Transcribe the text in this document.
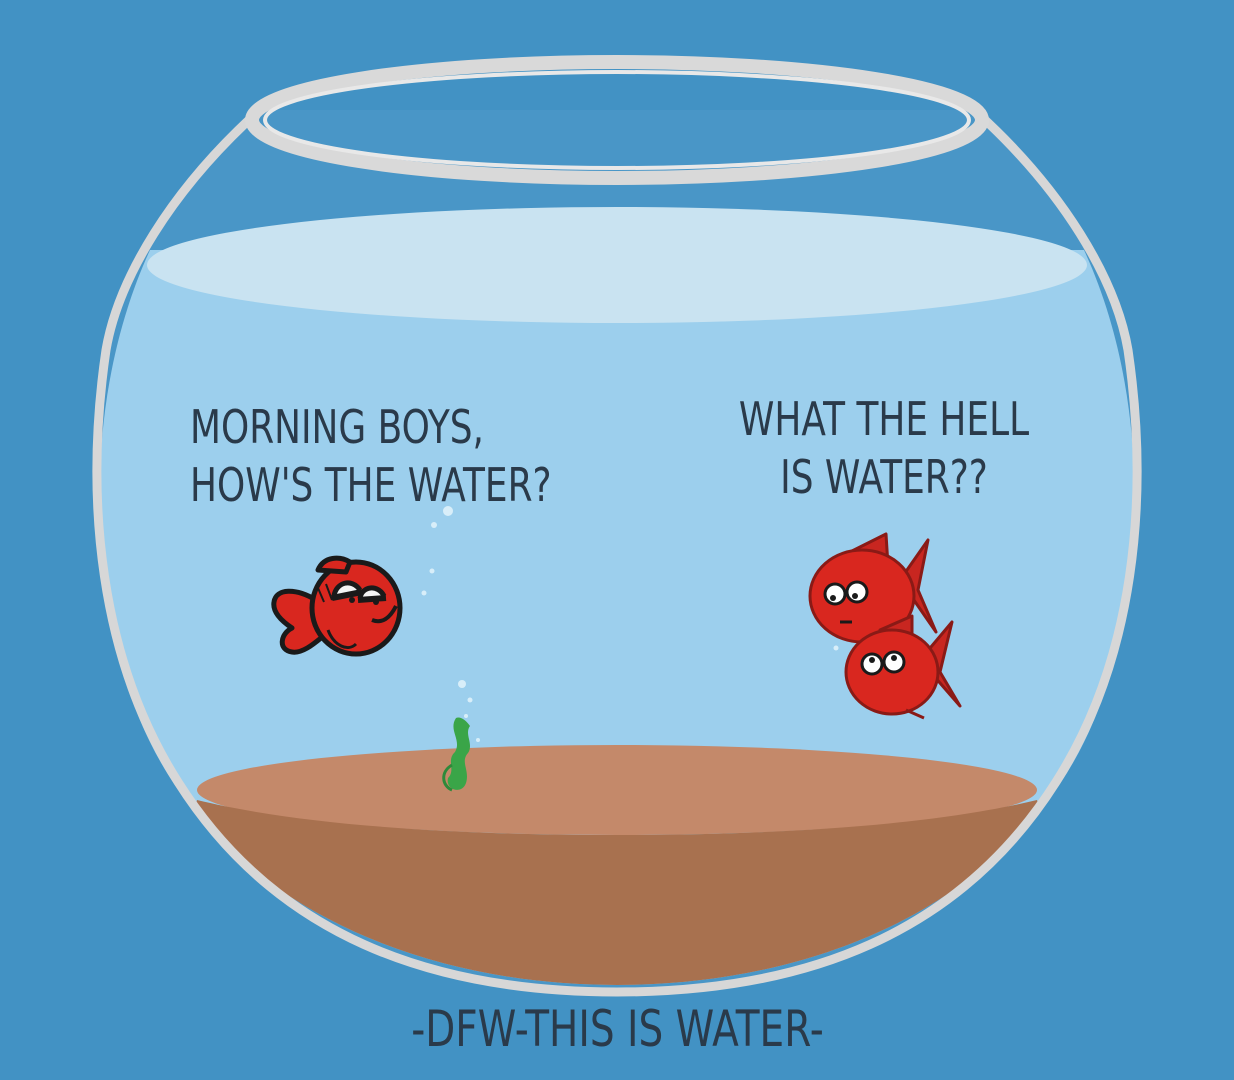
MORNING BOYS,
HOW'S THE WATER?
WHAT THE HELL
IS WATER??
-DFW-THIS IS WATER-
